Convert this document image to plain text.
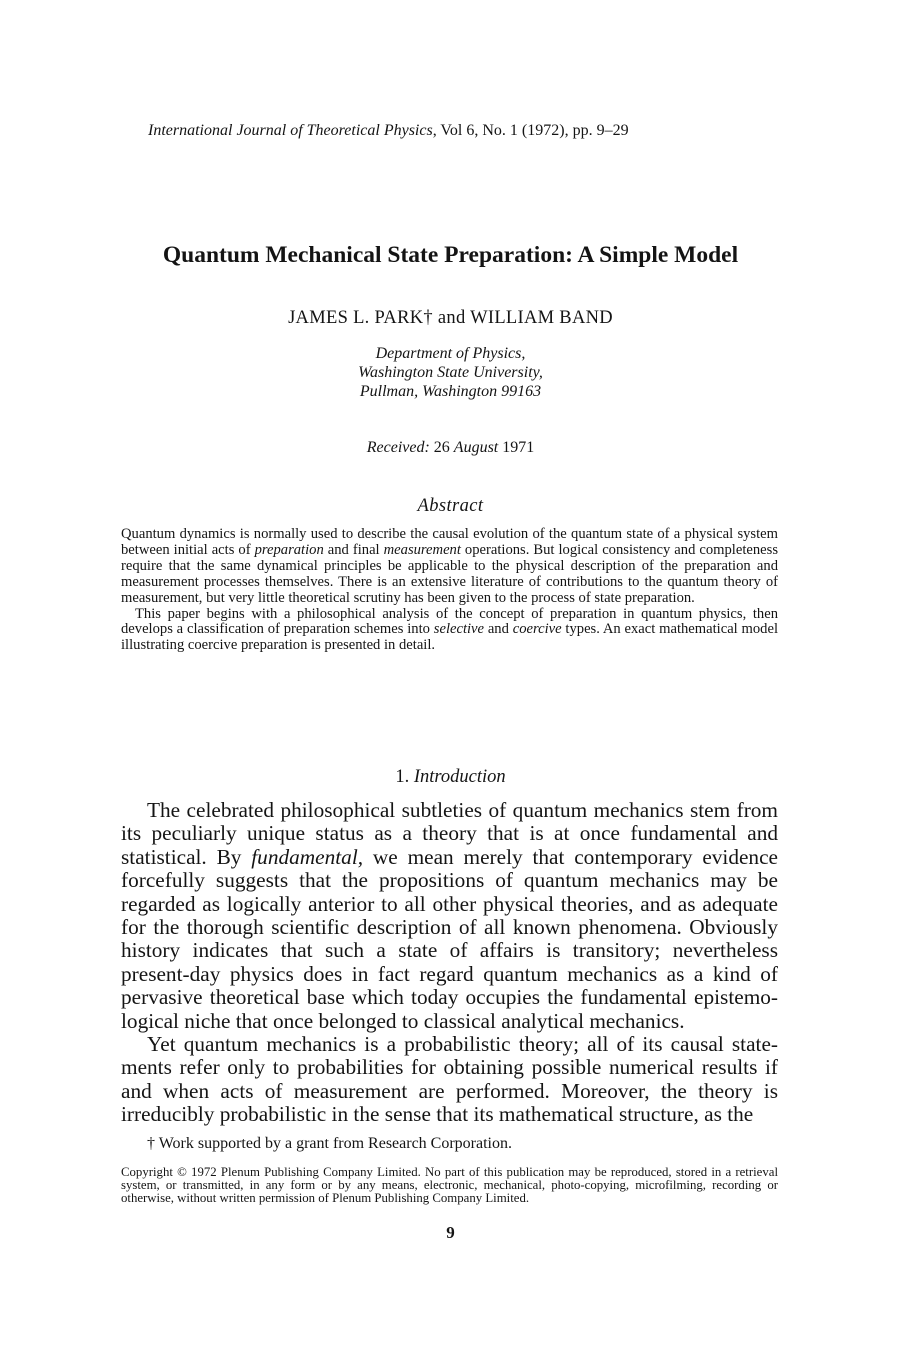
International Journal of Theoretical Physics, Vol 6, No. 1 (1972), pp. 9–29
Quantum Mechanical State Preparation: A Simple Model
JAMES L. PARK† and WILLIAM BAND
Department of Physics,
Washington State University,
Pullman, Washington 99163
Received: 26 August 1971
Abstract

Quantum dynamics is normally used to describe the causal evolution of the quantum state of a physical system between initial acts of preparation and final measurement operations. But logical consistency and completeness require that the same dynamical principles be applicable to the physical description of the preparation and measurement processes themselves. There is an extensive literature of contributions to the quantum theory of measurement, but very little theoretical scrutiny has been given to the process of state preparation.

This paper begins with a philosophical analysis of the concept of preparation in quantum physics, then develops a classification of preparation schemes into selective and coercive types. An exact mathematical model illustrating coercive preparation is presented in detail.

1. Introduction

The celebrated philosophical subtleties of quantum mechanics stem from its peculiarly unique status as a theory that is at once fundamental and statistical. By fundamental, we mean merely that contemporary evidence forcefully suggests that the propositions of quantum mechanics may be regarded as logically anterior to all other physical theories, and as adequate for the thorough scientific description of all known phenomena. Obviously history indicates that such a state of affairs is transitory; nevertheless present-day physics does in fact regard quantum mechanics as a kind of pervasive theoretical base which today occupies the fundamental epistemo-logical niche that once belonged to classical analytical mechanics.

Yet quantum mechanics is a probabilistic theory; all of its causal state-ments refer only to probabilities for obtaining possible numerical results if and when acts of measurement are performed. Moreover, the theory is irreducibly probabilistic in the sense that its mathematical structure, as the

† Work supported by a grant from Research Corporation.
Copyright © 1972 Plenum Publishing Company Limited. No part of this publication may be reproduced, stored in a retrieval system, or transmitted, in any form or by any means, electronic, mechanical, photo-copying, microfilming, recording or otherwise, without written permission of Plenum Publishing Company Limited.
9
